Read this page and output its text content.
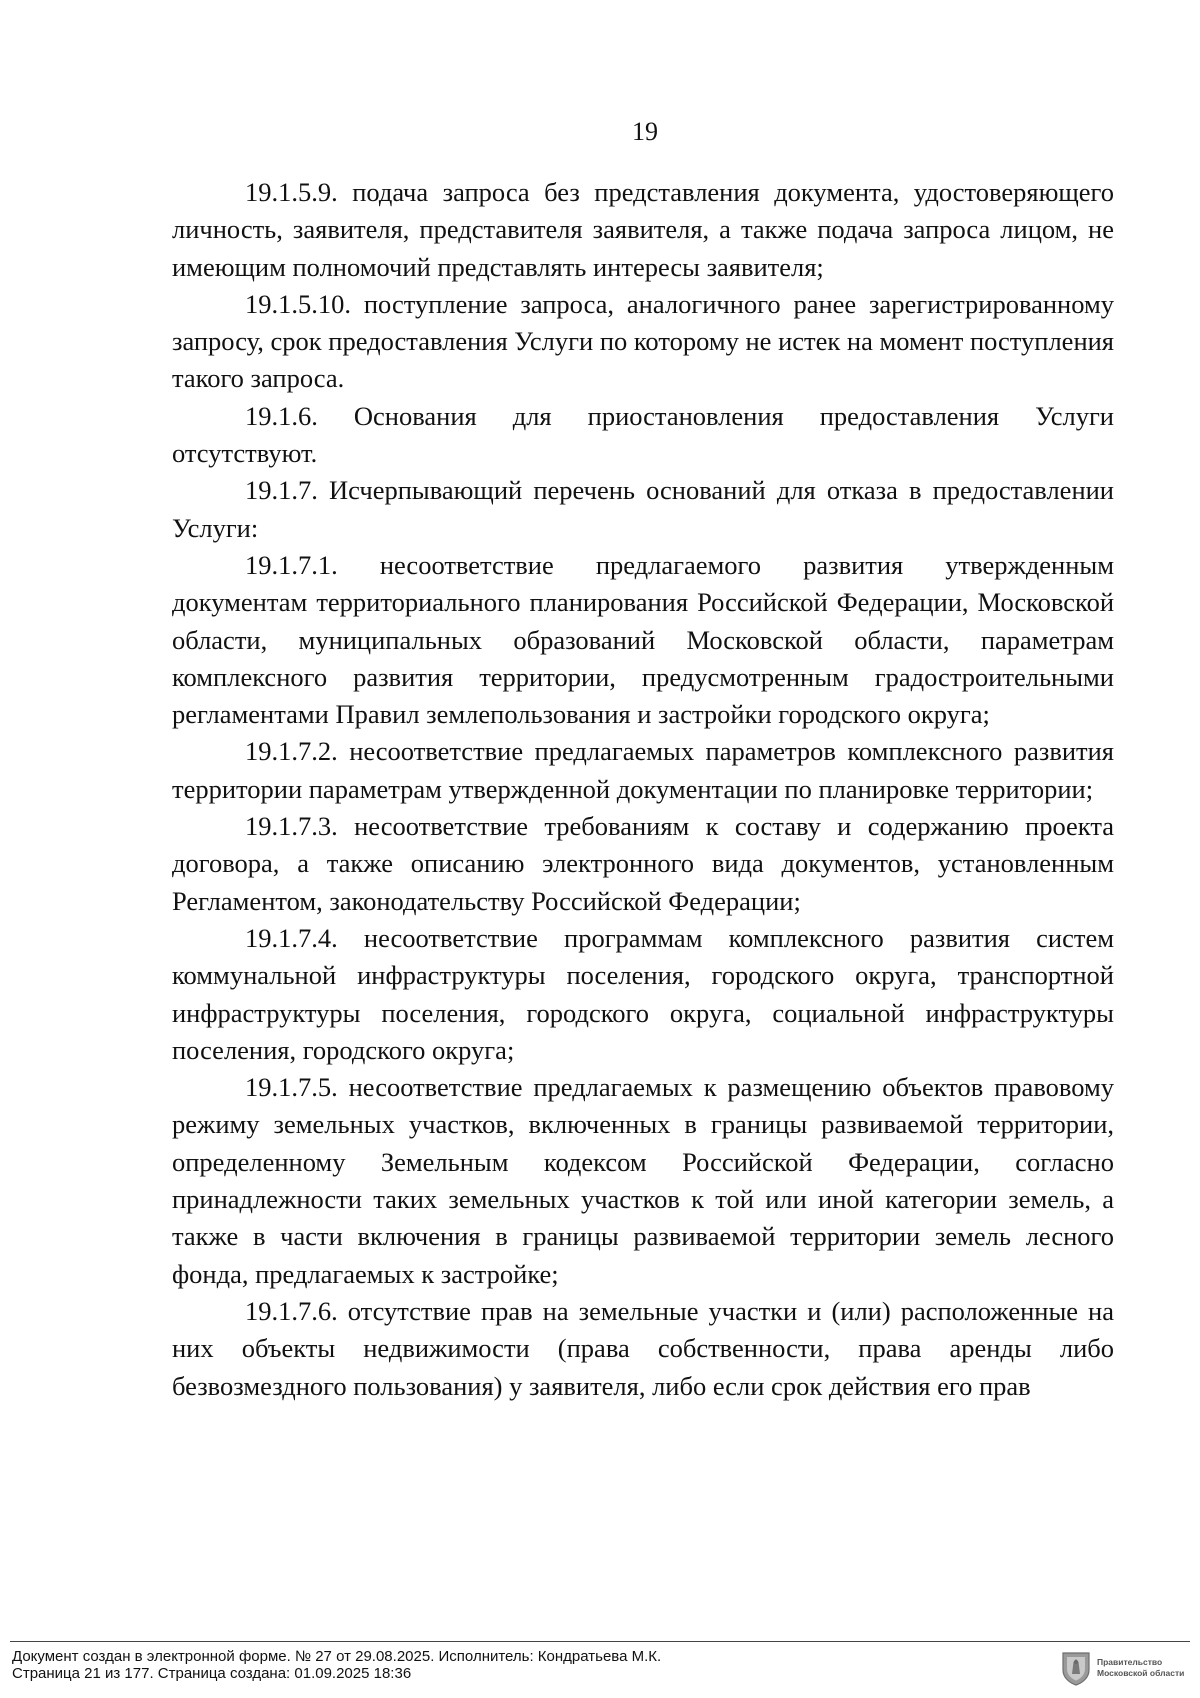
19

19.1.5.9. подача запроса без представления документа, удостоверяющего личность, заявителя, представителя заявителя, а также подача запроса лицом, не имеющим полномочий представлять интересы заявителя;

19.1.5.10. поступление запроса, аналогичного ранее зарегистрированному запросу, срок предоставления Услуги по которому не истек на момент поступления такого запроса.

19.1.6. Основания для приостановления предоставления Услуги отсутствуют.

19.1.7. Исчерпывающий перечень оснований для отказа в предоставлении Услуги:

19.1.7.1. несоответствие предлагаемого развития утвержденным документам территориального планирования Российской Федерации, Московской области, муниципальных образований Московской области, параметрам комплексного развития территории, предусмотренным градостроительными регламентами Правил землепользования и застройки городского округа;

19.1.7.2. несоответствие предлагаемых параметров комплексного развития территории параметрам утвержденной документации по планировке территории;

19.1.7.3. несоответствие требованиям к составу и содержанию проекта договора, а также описанию электронного вида документов, установленным Регламентом, законодательству Российской Федерации;

19.1.7.4. несоответствие программам комплексного развития систем коммунальной инфраструктуры поселения, городского округа, транспортной инфраструктуры поселения, городского округа, социальной инфраструктуры поселения, городского округа;

19.1.7.5. несоответствие предлагаемых к размещению объектов правовому режиму земельных участков, включенных в границы развиваемой территории, определенному Земельным кодексом Российской Федерации, согласно принадлежности таких земельных участков к той или иной категории земель, а также в части включения в границы развиваемой территории земель лесного фонда, предлагаемых к застройке;

19.1.7.6. отсутствие прав на земельные участки и (или) расположенные на них объекты недвижимости (права собственности, права аренды либо безвозмездного пользования) у заявителя, либо если срок действия его прав

Документ создан в электронной форме. № 27 от 29.08.2025. Исполнитель: Кондратьева М.К.
Страница 21 из 177. Страница создана: 01.09.2025 18:36
Правительство
Московской области
